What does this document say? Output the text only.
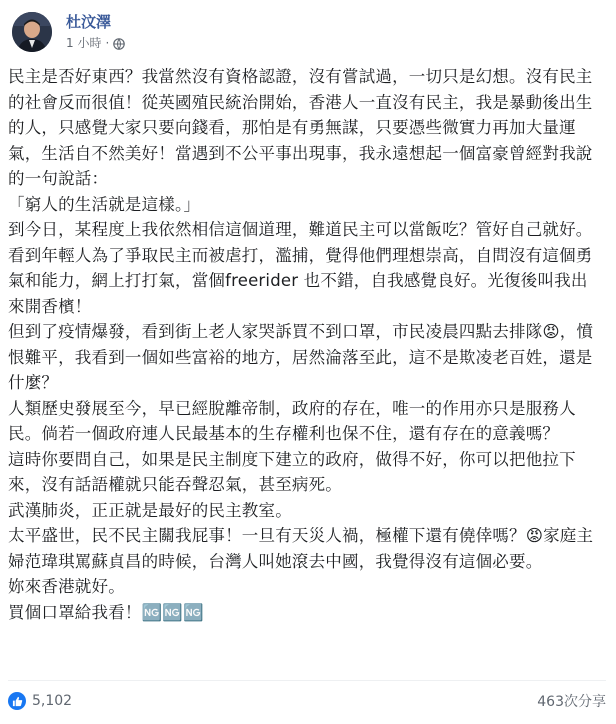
杜汶澤
1 小時 ·

民主是否好東西？我當然沒有資格認證，沒有嘗試過，一切只是幻想。沒有民主的社會反而很值！從英國殖民統治開始，香港人一直沒有民主，我是暴動後出生的人，只感覺大家只要向錢看，那怕是有勇無謀，只要憑些微實力再加大量運氣，生活自不然美好！當遇到不公平事出現事，我永遠想起一個富豪曾經對我說的一句說話：

「窮人的生活就是這樣。」

到今日，某程度上我依然相信這個道理，難道民主可以當飯吃？管好自己就好。

看到年輕人為了爭取民主而被虐打，濫捕，覺得他們理想崇高，自問沒有這個勇氣和能力，網上打打氣，當個freerider 也不錯，自我感覺良好。光復後叫我出來開香檳！

但到了疫情爆發，看到街上老人家哭訴買不到口罩，市民凌晨四點去排隊😡，憤恨難平，我看到一個如些富裕的地方，居然淪落至此，這不是欺凌老百姓，還是什麼？

人類歷史發展至今，早已經脫離帝制，政府的存在，唯一的作用亦只是服務人民。倘若一個政府連人民最基本的生存權利也保不住，還有存在的意義嗎？

這時你要問自己，如果是民主制度下建立的政府，做得不好，你可以把他拉下來，沒有話語權就只能吞聲忍氣，甚至病死。

武漢肺炎，正正就是最好的民主教室。

太平盛世，民不民主關我屁事！一旦有天災人禍，極權下還有僥倖嗎？😡家庭主婦范瑋琪罵蘇貞昌的時候，台灣人叫她滾去中國，我覺得沒有這個必要。

妳來香港就好。

買個口罩給我看！🆖🆖🆖

5,102	463次分享
